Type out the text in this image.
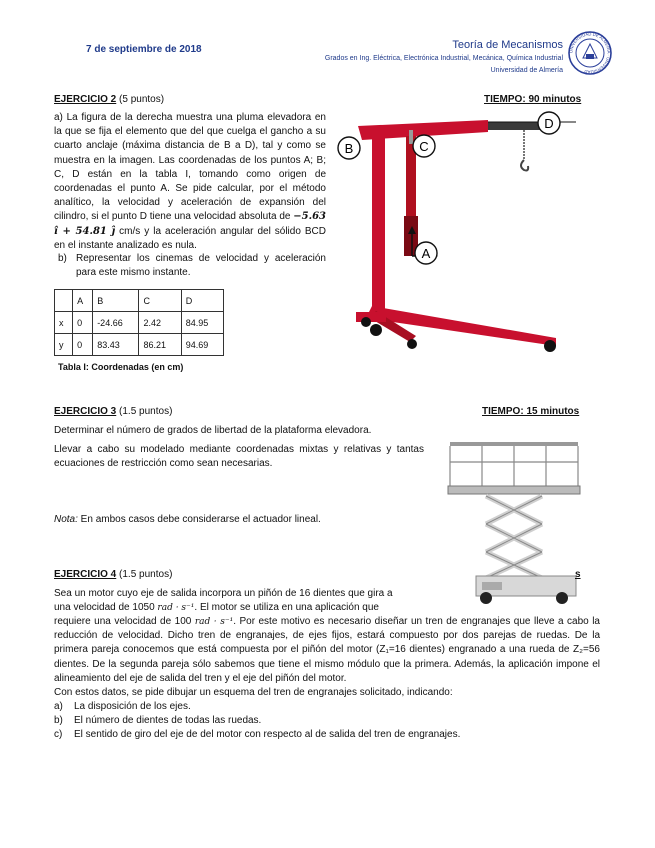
7 de septiembre de 2018	Teoría de Mecanismos
Grados en Ing. Eléctrica, Electrónica Industrial, Mecánica, Química Industrial
Universidad de Almería
UNIVERSIDAD DE ALMERÍA · UNIVERSIDAD
EJERCICIO 2 (5 puntos)	TIEMPO: 90 minutos
a) La figura de la derecha muestra una pluma elevadora en la que se fija el elemento que del que cuelga el gancho a su cuarto anclaje (máxima distancia de B a D), tal y como se muestra en la imagen. Las coordenadas de los puntos A; B; C, D están en la tabla I, tomando como origen de coordenadas el punto A. Se pide calcular, por el método analítico, la velocidad y aceleración de expansión del cilindro, si el punto D tiene una velocidad absoluta de −5.63 î + 54.81 ĵ cm/s y la aceleración angular del sólido BCD en el instante analizado es nula.
b) Representar los cinemas de velocidad y aceleración para este mismo instante.
	A	B	C	D
x	0	-24.66	2.42	84.95
y	0	83.43	86.21	94.69
Tabla I: Coordenadas (en cm)
B	C
D
A
EJERCICIO 3 (1.5 puntos)	TIEMPO: 15 minutos
Determinar el número de grados de libertad de la plataforma elevadora.
Llevar a cabo su modelado mediante coordenadas mixtas y relativas y tantas ecuaciones de restricción como sean necesarias.
Nota: En ambos casos debe considerarse el actuador lineal.
EJERCICIO 4 (1.5 puntos)	s
Sea un motor cuyo eje de salida incorpora un piñón de 16 dientes que gira a
una velocidad de 1050 rad · s⁻¹. El motor se utiliza en una aplicación que
requiere una velocidad de 100 rad · s⁻¹. Por este motivo es necesario diseñar un tren de engranajes que lleve a cabo la reducción de velocidad. Dicho tren de engranajes, de ejes fijos, estará compuesto por dos parejas de ruedas. De la primera pareja conocemos que está compuesta por el piñón del motor (Z₁=16 dientes) engranado a una rueda de Z₂=56 dientes. De la segunda pareja sólo sabemos que tiene el mismo módulo que la primera. Además, la aplicación impone el alineamiento del eje de salida del tren y el eje del piñón del motor.
Con estos datos, se pide dibujar un esquema del tren de engranajes solicitado, indicando:
a) La disposición de los ejes.
b) El número de dientes de todas las ruedas.
c) El sentido de giro del eje de del motor con respecto al de salida del tren de engranajes.
